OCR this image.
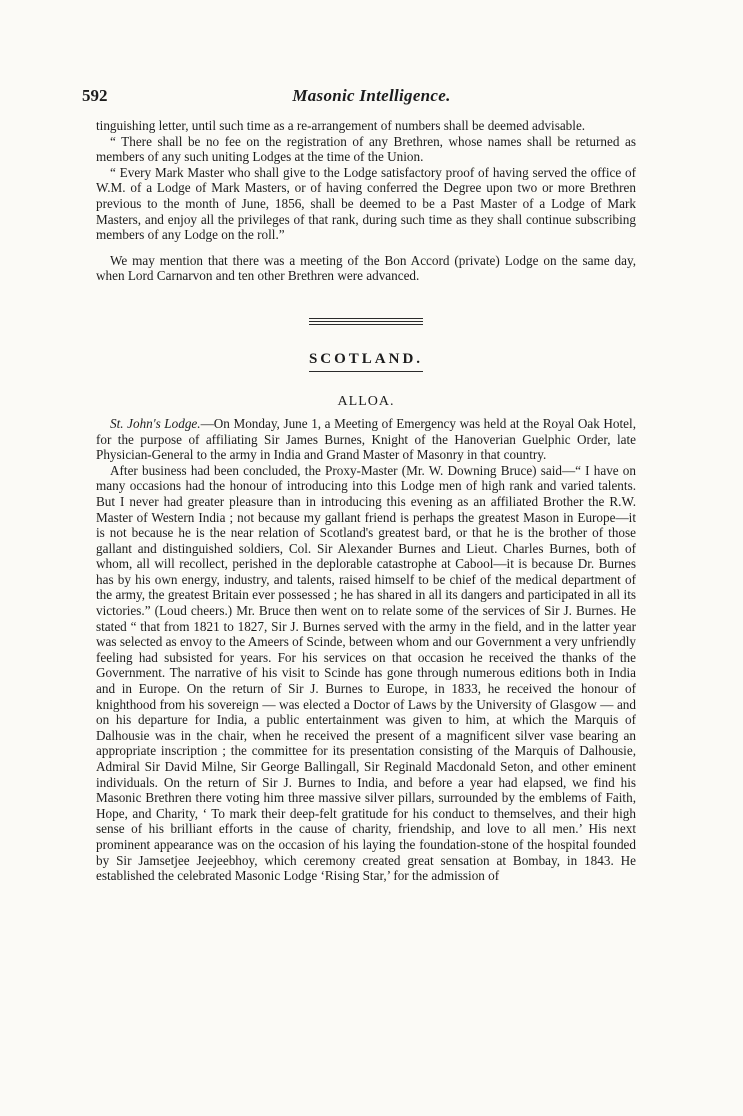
592	Masonic Intelligence.

tinguishing letter, until such time as a re-arrangement of numbers shall be deemed advisable.

“ There shall be no fee on the registration of any Brethren, whose names shall be returned as members of any such uniting Lodges at the time of the Union.

“ Every Mark Master who shall give to the Lodge satisfactory proof of having served the office of W.M. of a Lodge of Mark Masters, or of having conferred the Degree upon two or more Brethren previous to the month of June, 1856, shall be deemed to be a Past Master of a Lodge of Mark Masters, and enjoy all the privileges of that rank, during such time as they shall continue subscribing members of any Lodge on the roll.”

We may mention that there was a meeting of the Bon Accord (private) Lodge on the same day, when Lord Carnarvon and ten other Brethren were advanced.

SCOTLAND.
ALLOA.

St. John's Lodge.—On Monday, June 1, a Meeting of Emergency was held at the Royal Oak Hotel, for the purpose of affiliating Sir James Burnes, Knight of the Hanoverian Guelphic Order, late Physician-General to the army in India and Grand Master of Masonry in that country.

After business had been concluded, the Proxy-Master (Mr. W. Downing Bruce) said—“ I have on many occasions had the honour of introducing into this Lodge men of high rank and varied talents. But I never had greater pleasure than in introducing this evening as an affiliated Brother the R.W. Master of Western India ; not because my gallant friend is perhaps the greatest Mason in Europe—it is not because he is the near relation of Scotland's greatest bard, or that he is the brother of those gallant and distinguished soldiers, Col. Sir Alexander Burnes and Lieut. Charles Burnes, both of whom, all will recollect, perished in the deplorable catastrophe at Cabool—it is because Dr. Burnes has by his own energy, industry, and talents, raised himself to be chief of the medical department of the army, the greatest Britain ever possessed ; he has shared in all its dangers and participated in all its victories.” (Loud cheers.) Mr. Bruce then went on to relate some of the services of Sir J. Burnes. He stated “ that from 1821 to 1827, Sir J. Burnes served with the army in the field, and in the latter year was selected as envoy to the Ameers of Scinde, between whom and our Government a very unfriendly feeling had subsisted for years. For his services on that occasion he received the thanks of the Government. The narrative of his visit to Scinde has gone through numerous editions both in India and in Europe. On the return of Sir J. Burnes to Europe, in 1833, he received the honour of knighthood from his sovereign — was elected a Doctor of Laws by the University of Glasgow — and on his departure for India, a public entertainment was given to him, at which the Marquis of Dalhousie was in the chair, when he received the present of a magnificent silver vase bearing an appropriate inscription ; the committee for its presentation consisting of the Marquis of Dalhousie, Admiral Sir David Milne, Sir George Ballingall, Sir Reginald Macdonald Seton, and other eminent individuals. On the return of Sir J. Burnes to India, and before a year had elapsed, we find his Masonic Brethren there voting him three massive silver pillars, surrounded by the emblems of Faith, Hope, and Charity, ‘ To mark their deep-felt gratitude for his conduct to themselves, and their high sense of his brilliant efforts in the cause of charity, friendship, and love to all men.’ His next prominent appearance was on the occasion of his laying the foundation-stone of the hospital founded by Sir Jamsetjee Jeejeebhoy, which ceremony created great sensation at Bombay, in 1843. He established the celebrated Masonic Lodge ‘Rising Star,’ for the admission of
